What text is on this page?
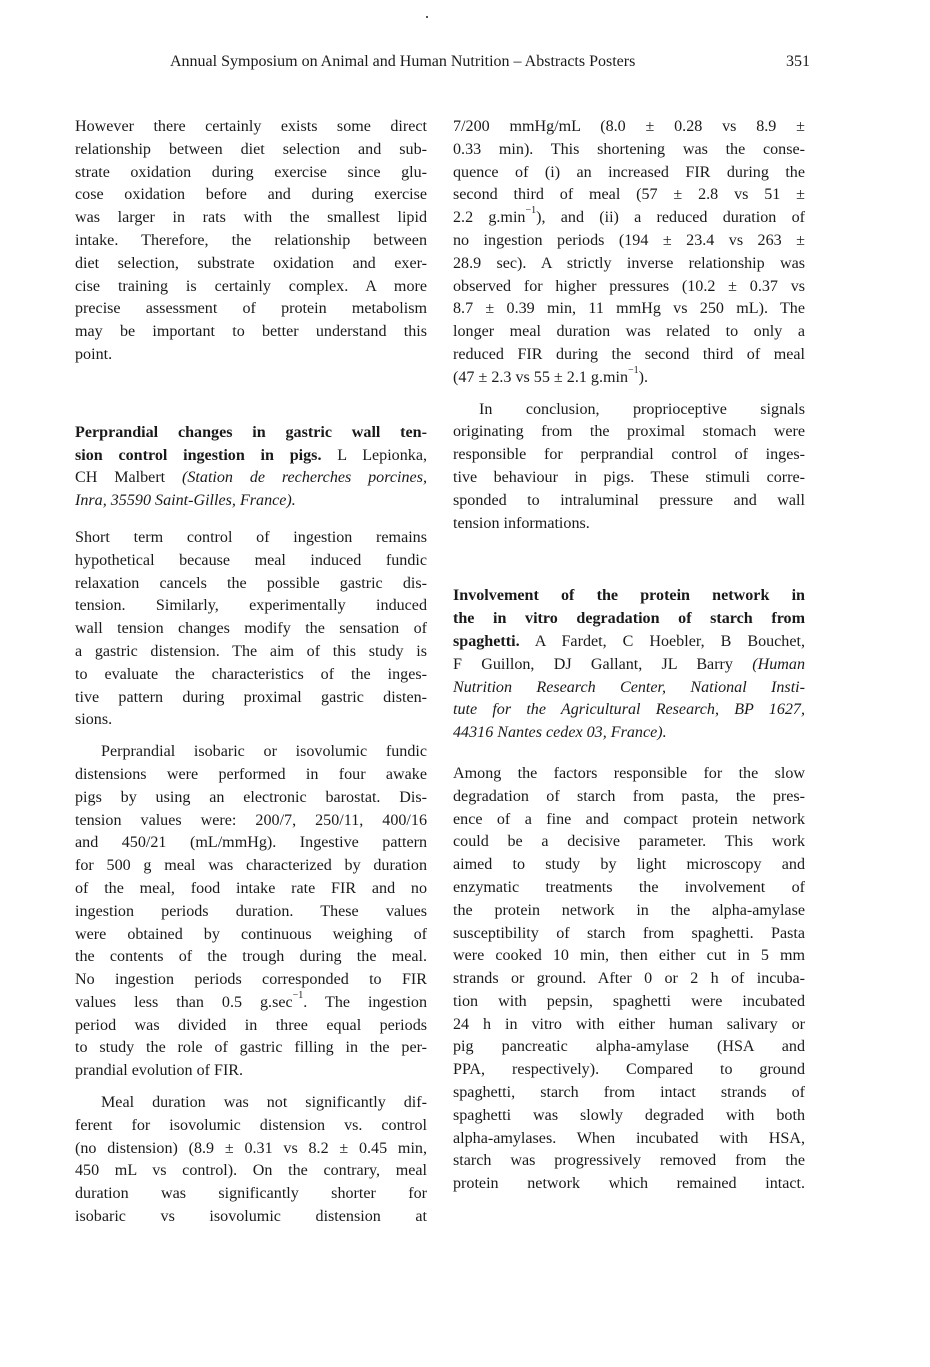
Annual Symposium on Animal and Human Nutrition – Abstracts Posters	351
However there certainly exists some direct
relationship between diet selection and sub-
strate oxidation during exercise since glu-
cose oxidation before and during exercise
was larger in rats with the smallest lipid
intake. Therefore, the relationship between
diet selection, substrate oxidation and exer-
cise training is certainly complex. A more
precise assessment of protein metabolism
may be important to better understand this
point.
Perprandial changes in gastric wall ten-
sion control ingestion in pigs. L Lepionka,
CH Malbert (Station de recherches porcines,
Inra, 35590 Saint-Gilles, France).
Short term control of ingestion remains
hypothetical because meal induced fundic
relaxation cancels the possible gastric dis-
tension. Similarly, experimentally induced
wall tension changes modify the sensation of
a gastric distension. The aim of this study is
to evaluate the characteristics of the inges-
tive pattern during proximal gastric disten-
sions.
Perprandial isobaric or isovolumic fundic
distensions were performed in four awake
pigs by using an electronic barostat. Dis-
tension values were: 200/7, 250/11, 400/16
and 450/21 (mL/mmHg). Ingestive pattern
for 500 g meal was characterized by duration
of the meal, food intake rate FIR and no
ingestion periods duration. These values
were obtained by continuous weighing of
the contents of the trough during the meal.
No ingestion periods corresponded to FIR
values less than 0.5 $g.\sec^{-1}$. The ingestion
period was divided in three equal periods
to study the role of gastric filling in the per-
prandial evolution of FIR.
Meal duration was not significantly dif-
ferent for isovolumic distension vs. control
(no distension) (8.9 ± 0.31 vs 8.2 ± 0.45 min,
450 mL vs control). On the contrary, meal
duration was significantly shorter for
isobaric vs isovolumic distension at
7/200 mmHg/mL (8.0 ± 0.28 vs 8.9 ±
0.33 min). This shortening was the conse-
quence of (i) an increased FIR during the
second third of meal (57 ± 2.8 vs 51 ±
2.2 $g.\min^{-1}$), and (ii) a reduced duration of
no ingestion periods (194 ± 23.4 vs 263 ±
28.9 sec). A strictly inverse relationship was
observed for higher pressures (10.2 ± 0.37 vs
8.7 ± 0.39 min, 11 mmHg vs 250 mL). The
longer meal duration was related to only a
reduced FIR during the second third of meal
(47 ± 2.3 vs 55 ± 2.1 $g.\min^{-1}$).
In conclusion, proprioceptive signals
originating from the proximal stomach were
responsible for perprandial control of inges-
tive behaviour in pigs. These stimuli corre-
sponded to intraluminal pressure and wall
tension informations.
Involvement of the protein network in
the in vitro degradation of starch from
spaghetti. A Fardet, C Hoebler, B Bouchet,
F Guillon, DJ Gallant, JL Barry (Human
Nutrition Research Center, National Insti-
tute for the Agricultural Research, BP 1627,
44316 Nantes cedex 03, France).
Among the factors responsible for the slow
degradation of starch from pasta, the pres-
ence of a fine and compact protein network
could be a decisive parameter. This work
aimed to study by light microscopy and
enzymatic treatments the involvement of
the protein network in the alpha-amylase
susceptibility of starch from spaghetti. Pasta
were cooked 10 min, then either cut in 5 mm
strands or ground. After 0 or 2 h of incuba-
tion with pepsin, spaghetti were incubated
24 h in vitro with either human salivary or
pig pancreatic alpha-amylase (HSA and
PPA, respectively). Compared to ground
spaghetti, starch from intact strands of
spaghetti was slowly degraded with both
alpha-amylases. When incubated with HSA,
starch was progressively removed from the
protein network which remained intact.
